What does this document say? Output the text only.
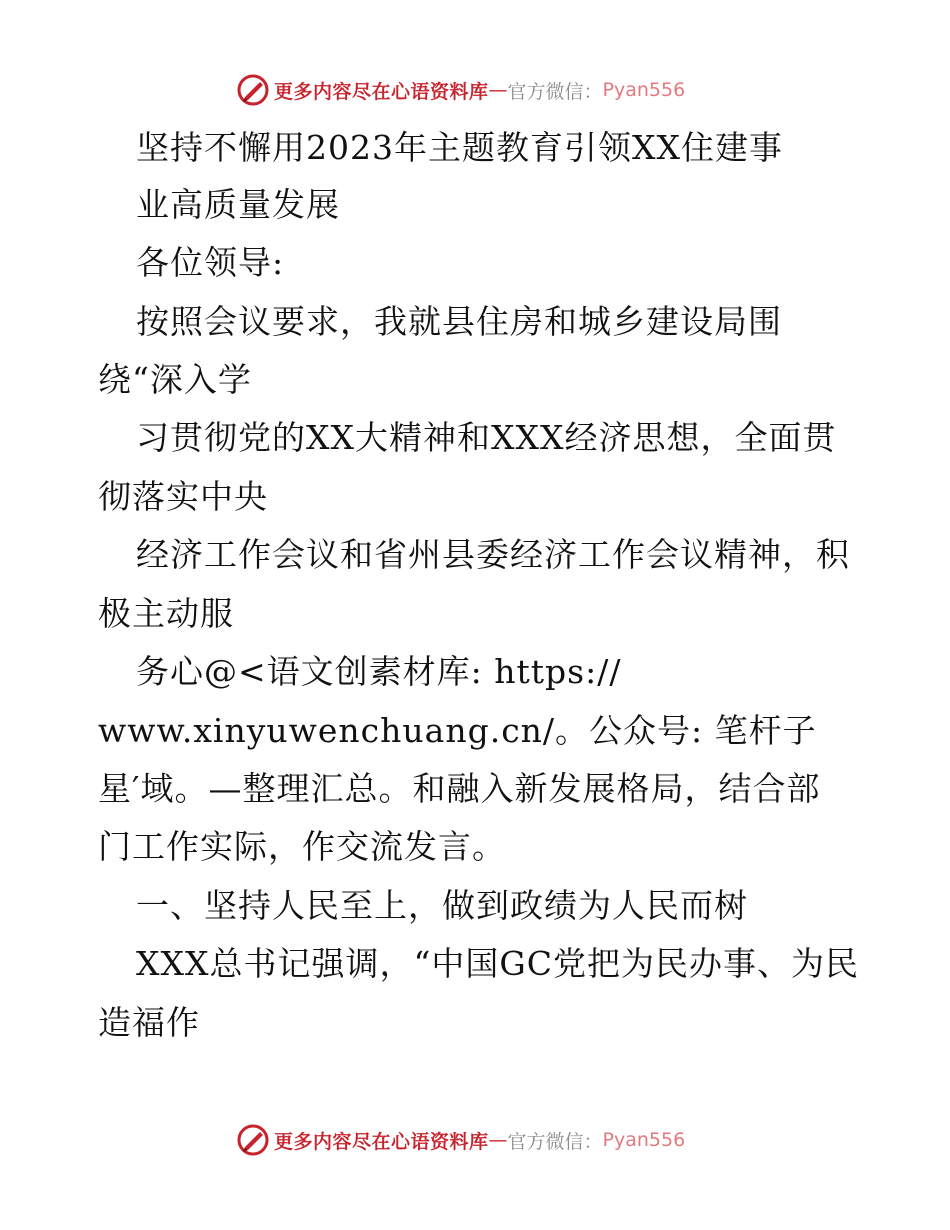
更多内容尽在心语资料库 — 官方微信： Pyan556
坚持不懈用2023年主题教育引领XX住建事
业高质量发展
各位领导:
按照会议要求，我就县住房和城乡建设局围
绕“深入学
习贯彻党的XX大精神和XXX经济思想，全面贯
彻落实中央
经济工作会议和省州县委经济工作会议精神，积
极主动服
务心@<语文创素材库: https://
www.xinyuwenchuang.cn/。公众号: 笔杆子
星′域。—整理汇总。和融入新发展格局，结合部
门工作实际，作交流发言。
一、坚持人民至上，做到政绩为人民而树
XXX总书记强调，“中国GC党把为民办事、为民
造福作
更多内容尽在心语资料库 — 官方微信： Pyan556
